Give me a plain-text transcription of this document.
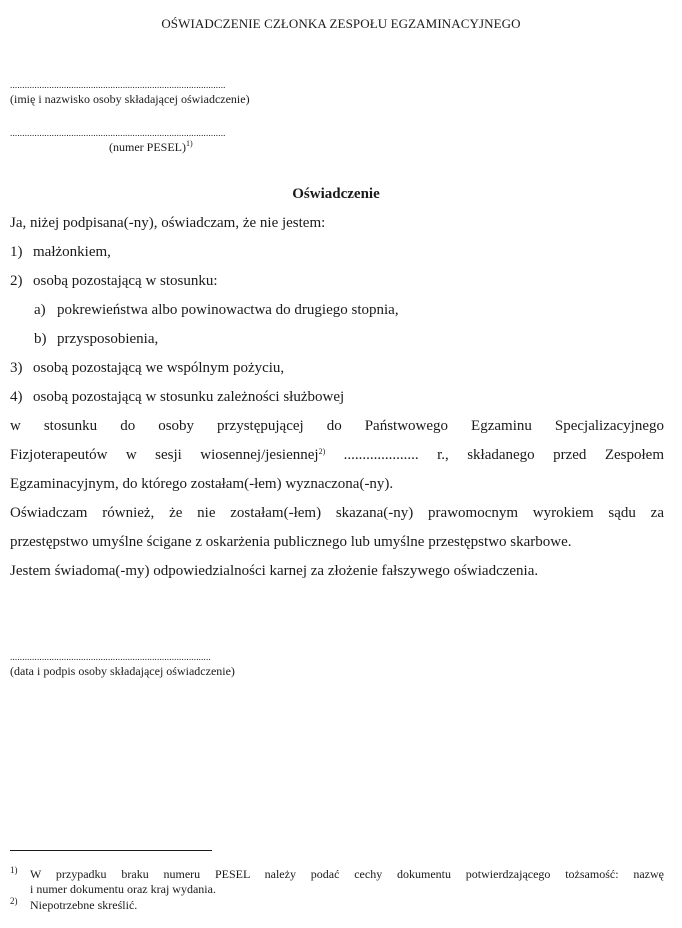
OŚWIADCZENIE CZŁONKA ZESPOŁU EGZAMINACYJNEGO
........................................................................................
(imię i nazwisko osoby składającej oświadczenie)
........................................................................................
(numer PESEL)$^{1)}$
Oświadczenie
Ja, niżej podpisana(-ny), oświadczam, że nie jestem:
1) małżonkiem,
2) osobą pozostającą w stosunku:
a) pokrewieństwa albo powinowactwa do drugiego stopnia,
b) przysposobienia,
3) osobą pozostającą we wspólnym pożyciu,
4) osobą pozostającą w stosunku zależności służbowej
w stosunku do osoby przystępującej do Państwowego Egzaminu Specjalizacyjnego
Fizjoterapeutów w sesji wiosennej/jesiennej$^{2)}$ .................... r., składanego przed Zespołem
Egzaminacyjnym, do którego zostałam(-łem) wyznaczona(-ny).
Oświadczam również, że nie zostałam(-łem) skazana(-ny) prawomocnym wyrokiem sądu za
przestępstwo umyślne ścigane z oskarżenia publicznego lub umyślne przestępstwo skarbowe.
Jestem świadoma(-my) odpowiedzialności karnej za złożenie fałszywego oświadczenia.
..................................................................................
(data i podpis osoby składającej oświadczenie)
$^{1)}$ W przypadku braku numeru PESEL należy podać cechy dokumentu potwierdzającego tożsamość: nazwę
i numer dokumentu oraz kraj wydania.
$^{2)}$ Niepotrzebne skreślić.
